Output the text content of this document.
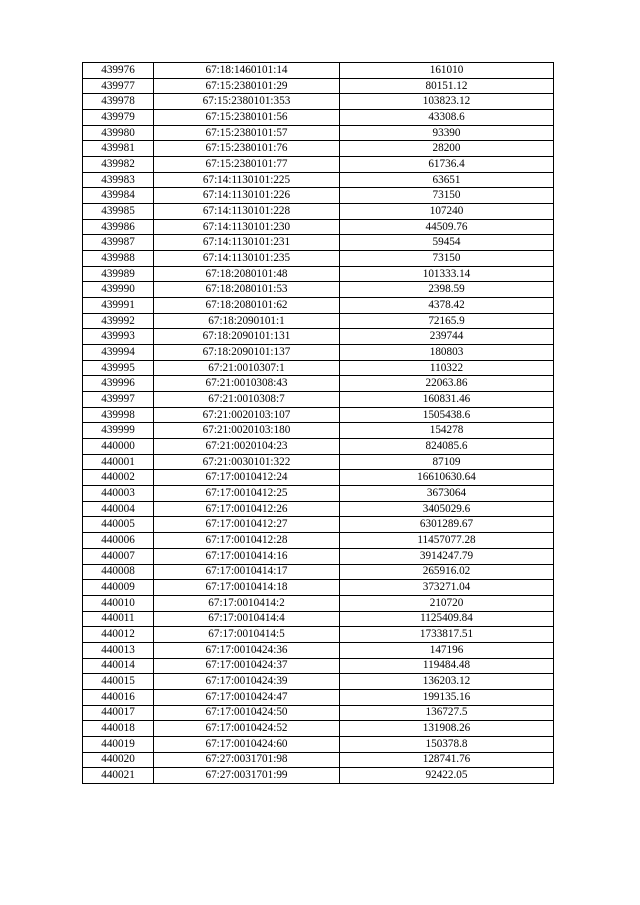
439976	67:18:1460101:14	161010
439977	67:15:2380101:29	80151.12
439978	67:15:2380101:353	103823.12
439979	67:15:2380101:56	43308.6
439980	67:15:2380101:57	93390
439981	67:15:2380101:76	28200
439982	67:15:2380101:77	61736.4
439983	67:14:1130101:225	63651
439984	67:14:1130101:226	73150
439985	67:14:1130101:228	107240
439986	67:14:1130101:230	44509.76
439987	67:14:1130101:231	59454
439988	67:14:1130101:235	73150
439989	67:18:2080101:48	101333.14
439990	67:18:2080101:53	2398.59
439991	67:18:2080101:62	4378.42
439992	67:18:2090101:1	72165.9
439993	67:18:2090101:131	239744
439994	67:18:2090101:137	180803
439995	67:21:0010307:1	110322
439996	67:21:0010308:43	22063.86
439997	67:21:0010308:7	160831.46
439998	67:21:0020103:107	1505438.6
439999	67:21:0020103:180	154278
440000	67:21:0020104:23	824085.6
440001	67:21:0030101:322	87109
440002	67:17:0010412:24	16610630.64
440003	67:17:0010412:25	3673064
440004	67:17:0010412:26	3405029.6
440005	67:17:0010412:27	6301289.67
440006	67:17:0010412:28	11457077.28
440007	67:17:0010414:16	3914247.79
440008	67:17:0010414:17	265916.02
440009	67:17:0010414:18	373271.04
440010	67:17:0010414:2	210720
440011	67:17:0010414:4	1125409.84
440012	67:17:0010414:5	1733817.51
440013	67:17:0010424:36	147196
440014	67:17:0010424:37	119484.48
440015	67:17:0010424:39	136203.12
440016	67:17:0010424:47	199135.16
440017	67:17:0010424:50	136727.5
440018	67:17:0010424:52	131908.26
440019	67:17:0010424:60	150378.8
440020	67:27:0031701:98	128741.76
440021	67:27:0031701:99	92422.05
